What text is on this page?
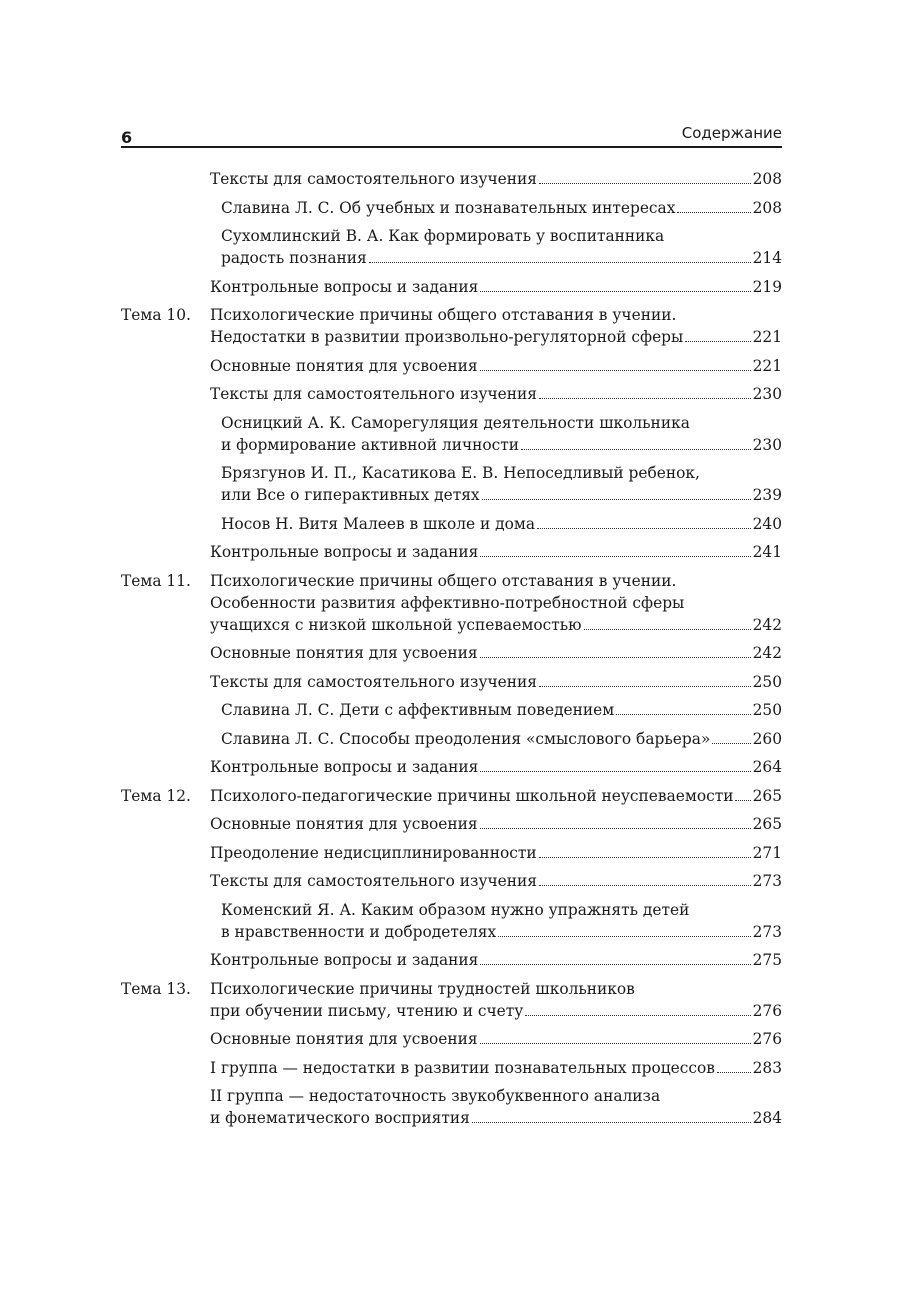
6	Содержание
Тексты для самостоятельного изучения	208
Славина Л. С. Об учебных и познавательных интересах	208
Сухомлинский В. А. Как формировать у воспитанника
радость познания	214
Контрольные вопросы и задания	219
Тема 10. Психологические причины общего отставания в учении.
Недостатки в развитии произвольно-регуляторной сферы	221
Основные понятия для усвоения	221
Тексты для самостоятельного изучения	230
Осницкий А. К. Саморегуляция деятельности школьника
и формирование активной личности	230
Брязгунов И. П., Касатикова Е. В. Непоседливый ребенок,
или Все о гиперактивных детях	239
Носов Н. Витя Малеев в школе и дома	240
Контрольные вопросы и задания	241
Тема 11. Психологические причины общего отставания в учении.
Особенности развития аффективно-потребностной сферы
учащихся с низкой школьной успеваемостью	242
Основные понятия для усвоения	242
Тексты для самостоятельного изучения	250
Славина Л. С. Дети с аффективным поведением	250
Славина Л. С. Способы преодоления «смыслового барьера»	260
Контрольные вопросы и задания	264
Тема 12. Психолого-педагогические причины школьной неуспеваемости 265
Основные понятия для усвоения	265
Преодоление недисциплинированности	271
Тексты для самостоятельного изучения	273
Коменский Я. А. Каким образом нужно упражнять детей
в нравственности и добродетелях	273
Контрольные вопросы и задания	275
Тема 13. Психологические причины трудностей школьников
при обучении письму, чтению и счету	276
Основные понятия для усвоения	276
I группа — недостатки в развитии познавательных процессов 283
II группа — недостаточность звукобуквенного анализа
и фонематического восприятия	284
